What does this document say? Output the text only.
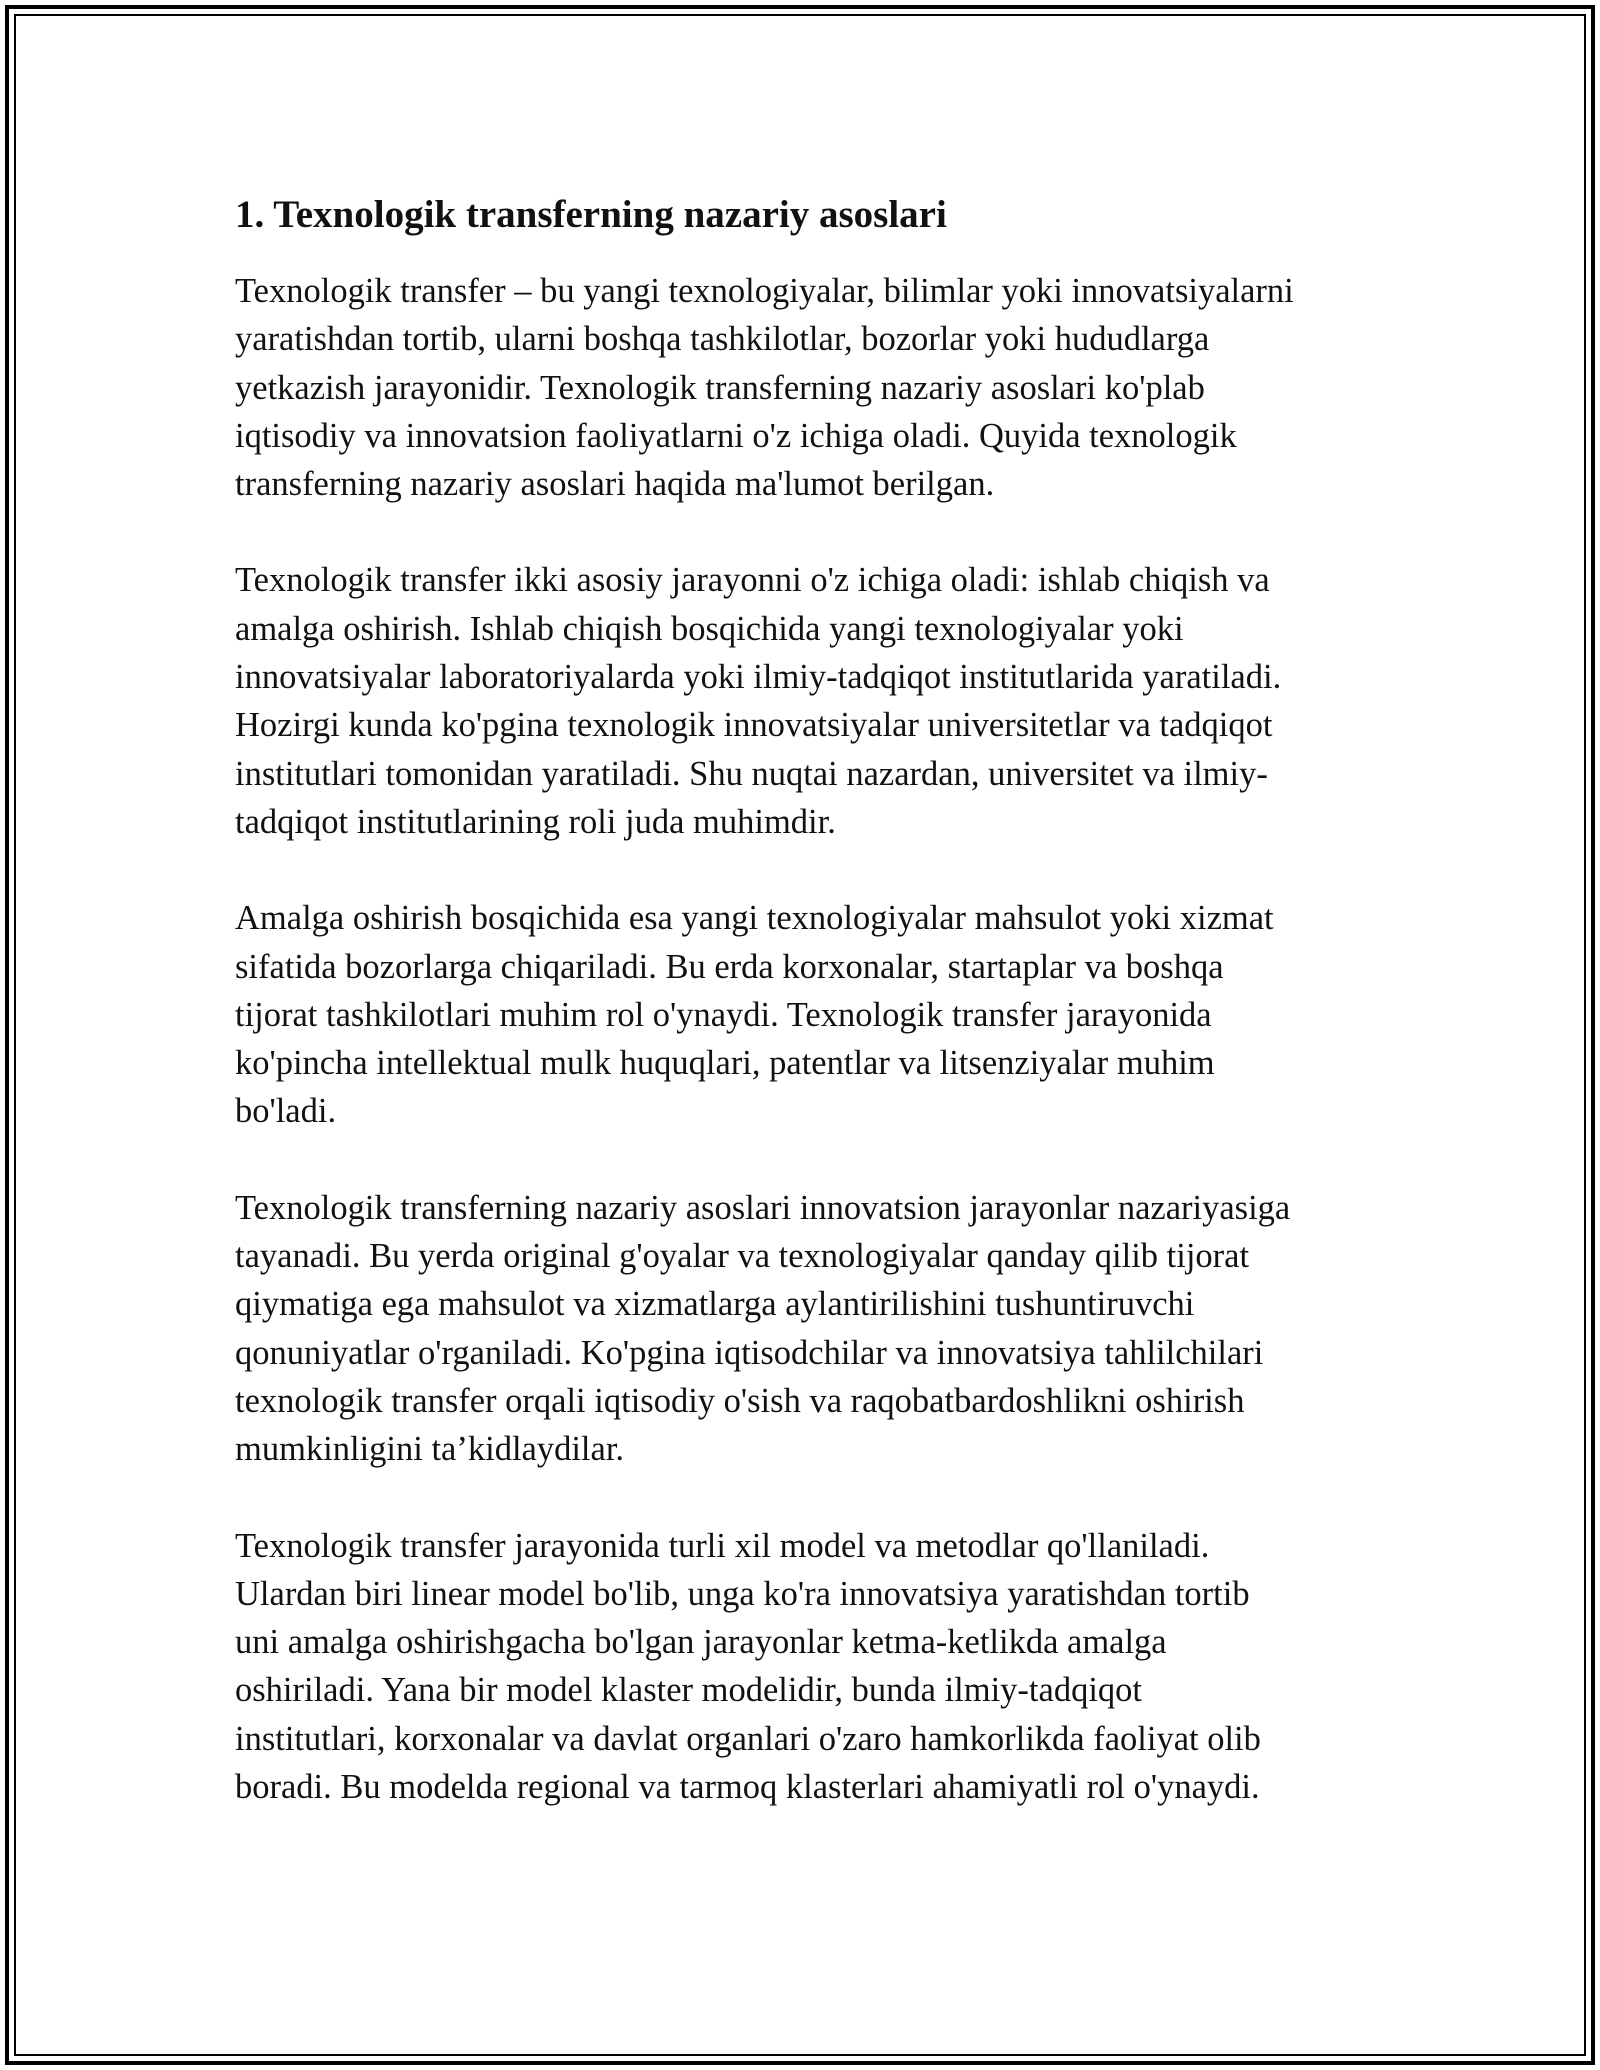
1. Texnologik transferning nazariy asoslari

Texnologik transfer – bu yangi texnologiyalar, bilimlar yoki innovatsiyalarni
yaratishdan tortib, ularni boshqa tashkilotlar, bozorlar yoki hududlarga
yetkazish jarayonidir. Texnologik transferning nazariy asoslari ko'plab
iqtisodiy va innovatsion faoliyatlarni o'z ichiga oladi. Quyida texnologik
transferning nazariy asoslari haqida ma'lumot berilgan.

Texnologik transfer ikki asosiy jarayonni o'z ichiga oladi: ishlab chiqish va
amalga oshirish. Ishlab chiqish bosqichida yangi texnologiyalar yoki
innovatsiyalar laboratoriyalarda yoki ilmiy-tadqiqot institutlarida yaratiladi.
Hozirgi kunda ko'pgina texnologik innovatsiyalar universitetlar va tadqiqot
institutlari tomonidan yaratiladi. Shu nuqtai nazardan, universitet va ilmiy-
tadqiqot institutlarining roli juda muhimdir.

Amalga oshirish bosqichida esa yangi texnologiyalar mahsulot yoki xizmat
sifatida bozorlarga chiqariladi. Bu erda korxonalar, startaplar va boshqa
tijorat tashkilotlari muhim rol o'ynaydi. Texnologik transfer jarayonida
ko'pincha intellektual mulk huquqlari, patentlar va litsenziyalar muhim
bo'ladi.

Texnologik transferning nazariy asoslari innovatsion jarayonlar nazariyasiga
tayanadi. Bu yerda original g'oyalar va texnologiyalar qanday qilib tijorat
qiymatiga ega mahsulot va xizmatlarga aylantirilishini tushuntiruvchi
qonuniyatlar o'rganiladi. Ko'pgina iqtisodchilar va innovatsiya tahlilchilari
texnologik transfer orqali iqtisodiy o'sish va raqobatbardoshlikni oshirish
mumkinligini ta’kidlaydilar.

Texnologik transfer jarayonida turli xil model va metodlar qo'llaniladi.
Ulardan biri linear model bo'lib, unga ko'ra innovatsiya yaratishdan tortib
uni amalga oshirishgacha bo'lgan jarayonlar ketma-ketlikda amalga
oshiriladi. Yana bir model klaster modelidir, bunda ilmiy-tadqiqot
institutlari, korxonalar va davlat organlari o'zaro hamkorlikda faoliyat olib
boradi. Bu modelda regional va tarmoq klasterlari ahamiyatli rol o'ynaydi.
